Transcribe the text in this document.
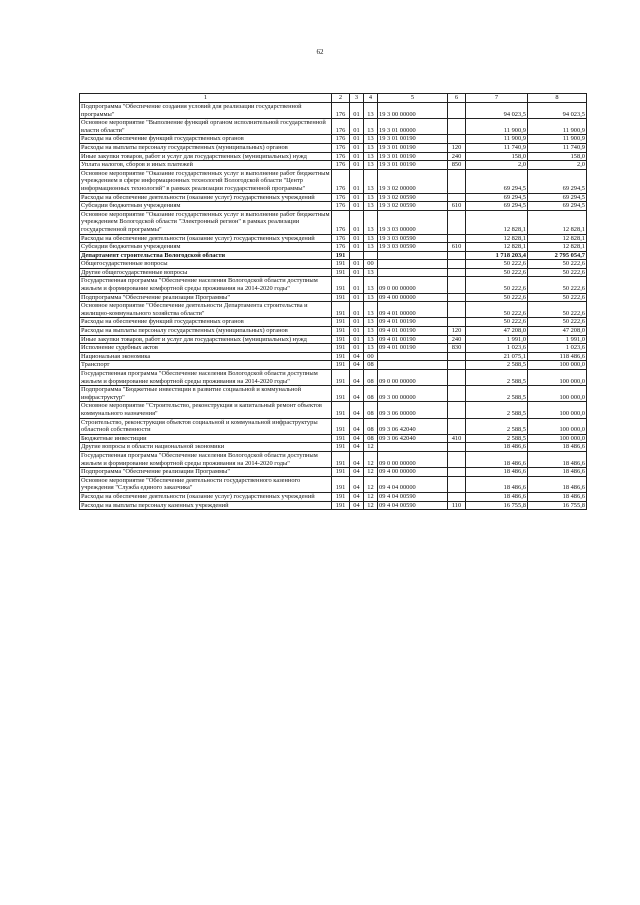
62
1	2	3	4	5	6	7	8
Подпрограмма "Обеспечение создания условий для реализации государственной программы"	176	01	13	19 3 00 00000		94 023,5	94 023,5
Основное мероприятие "Выполнение функций органом исполнительной государственной власти области"	176	01	13	19 3 01 00000		11 900,9	11 900,9
Расходы на обеспечение функций государственных органов	176	01	13	19 3 01 00190		11 900,9	11 900,9
Расходы на выплаты персоналу государственных (муниципальных) органов	176	01	13	19 3 01 00190	120	11 740,9	11 740,9
Иные закупки товаров, работ и услуг для государственных (муниципальных) нужд	176	01	13	19 3 01 00190	240	158,0	158,0
Уплата налогов, сборов и иных платежей	176	01	13	19 3 01 00190	850	2,0	2,0
Основное мероприятие "Оказание государственных услуг и выполнение работ бюджетным учреждением в сфере информационных технологий Вологодской области "Центр информационных технологий" в рамках реализации государственной программы"	176	01	13	19 3 02 00000		69 294,5	69 294,5
Расходы на обеспечение деятельности (оказание услуг) государственных учреждений	176	01	13	19 3 02 00590		69 294,5	69 294,5
Субсидии бюджетным учреждениям	176	01	13	19 3 02 00590	610	69 294,5	69 294,5
Основное мероприятие "Оказание государственных услуг и выполнение работ бюджетным учреждением Вологодской области "Электронный регион" в рамках реализации государственной программы"	176	01	13	19 3 03 00000		12 828,1	12 828,1
Расходы на обеспечение деятельности (оказание услуг) государственных учреждений	176	01	13	19 3 03 00590		12 828,1	12 828,1
Субсидии бюджетным учреждениям	176	01	13	19 3 03 00590	610	12 828,1	12 828,1
Департамент строительства Вологодской области	191					1 718 203,4	2 795 054,7
Общегосударственные вопросы	191	01	00			50 222,6	50 222,6
Другие общегосударственные вопросы	191	01	13			50 222,6	50 222,6
Государственная программа "Обеспечение населения Вологодской области доступным жильем и формирование комфортной среды проживания на 2014-2020 годы"	191	01	13	09 0 00 00000		50 222,6	50 222,6
Подпрограмма "Обеспечение реализации Программы"	191	01	13	09 4 00 00000		50 222,6	50 222,6
Основное мероприятие "Обеспечение деятельности Департамента строительства и жилищно-коммунального хозяйства области"	191	01	13	09 4 01 00000		50 222,6	50 222,6
Расходы на обеспечение функций государственных органов	191	01	13	09 4 01 00190		50 222,6	50 222,6
Расходы на выплаты персоналу государственных (муниципальных) органов	191	01	13	09 4 01 00190	120	47 208,0	47 208,0
Иные закупки товаров, работ и услуг для государственных (муниципальных) нужд	191	01	13	09 4 01 00190	240	1 991,0	1 991,0
Исполнение судебных актов	191	01	13	09 4 01 00190	830	1 023,6	1 023,6
Национальная экономика	191	04	00			21 075,1	118 486,6
Транспорт	191	04	08			2 588,5	100 000,0
Государственная программа "Обеспечение населения Вологодской области доступным жильем и формирование комфортной среды проживания на 2014-2020 годы"	191	04	08	09 0 00 00000		2 588,5	100 000,0
Подпрограмма "Бюджетные инвестиции в развитие социальной и коммунальной инфраструктур"	191	04	08	09 3 00 00000		2 588,5	100 000,0
Основное мероприятие "Строительство, реконструкция и капитальный ремонт объектов коммунального назначения"	191	04	08	09 3 06 00000		2 588,5	100 000,0
Строительство, реконструкция объектов социальной и коммунальной инфраструктуры областной собственности	191	04	08	09 3 06 42040		2 588,5	100 000,0
Бюджетные инвестиции	191	04	08	09 3 06 42040	410	2 588,5	100 000,0
Другие вопросы в области национальной экономики	191	04	12			18 486,6	18 486,6
Государственная программа "Обеспечение населения Вологодской области доступным жильем и формирование комфортной среды проживания на 2014-2020 годы"	191	04	12	09 0 00 00000		18 486,6	18 486,6
Подпрограмма "Обеспечение реализации Программы"	191	04	12	09 4 00 00000		18 486,6	18 486,6
Основное мероприятие "Обеспечение деятельности государственного казенного учреждения "Служба единого заказчика"	191	04	12	09 4 04 00000		18 486,6	18 486,6
Расходы на обеспечение деятельности (оказание услуг) государственных учреждений	191	04	12	09 4 04 00590		18 486,6	18 486,6
Расходы на выплаты персоналу казенных учреждений	191	04	12	09 4 04 00590	110	16 755,8	16 755,8
